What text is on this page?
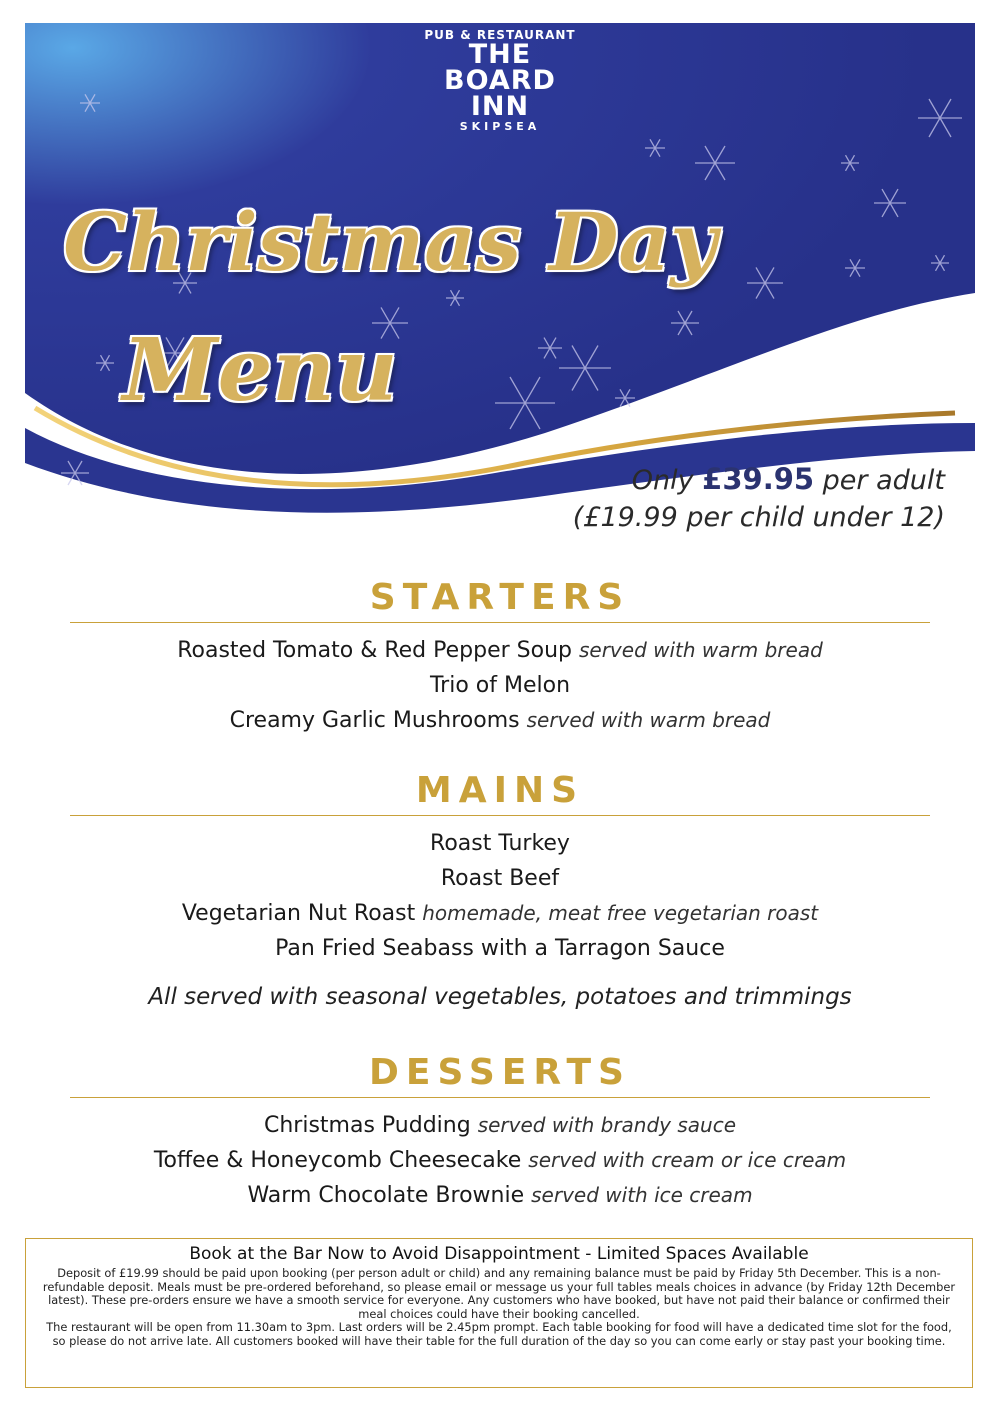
PUB & RESTAURANT
THE
BOARD
INN
SKIPSEA
Christmas Day
Menu
Only £39.95 per adult
(£19.99 per child under 12)
STARTERS
Roasted Tomato & Red Pepper Soup served with warm bread
Trio of Melon
Creamy Garlic Mushrooms served with warm bread
MAINS
Roast Turkey
Roast Beef
Vegetarian Nut Roast homemade, meat free vegetarian roast
Pan Fried Seabass with a Tarragon Sauce
All served with seasonal vegetables, potatoes and trimmings
DESSERTS
Christmas Pudding served with brandy sauce
Toffee & Honeycomb Cheesecake served with cream or ice cream
Warm Chocolate Brownie served with ice cream
Book at the Bar Now to Avoid Disappointment - Limited Spaces Available
Deposit of £19.99 should be paid upon booking (per person adult or child) and any remaining balance must be paid by Friday 5th December. This is a non-refundable deposit. Meals must be pre-ordered beforehand, so please email or message us your full tables meals choices in advance (by Friday 12th December latest). These pre-orders ensure we have a smooth service for everyone. Any customers who have booked, but have not paid their balance or confirmed their meal choices could have their booking cancelled.
The restaurant will be open from 11.30am to 3pm. Last orders will be 2.45pm prompt. Each table booking for food will have a dedicated time slot for the food, so please do not arrive late. All customers booked will have their table for the full duration of the day so you can come early or stay past your booking time.
